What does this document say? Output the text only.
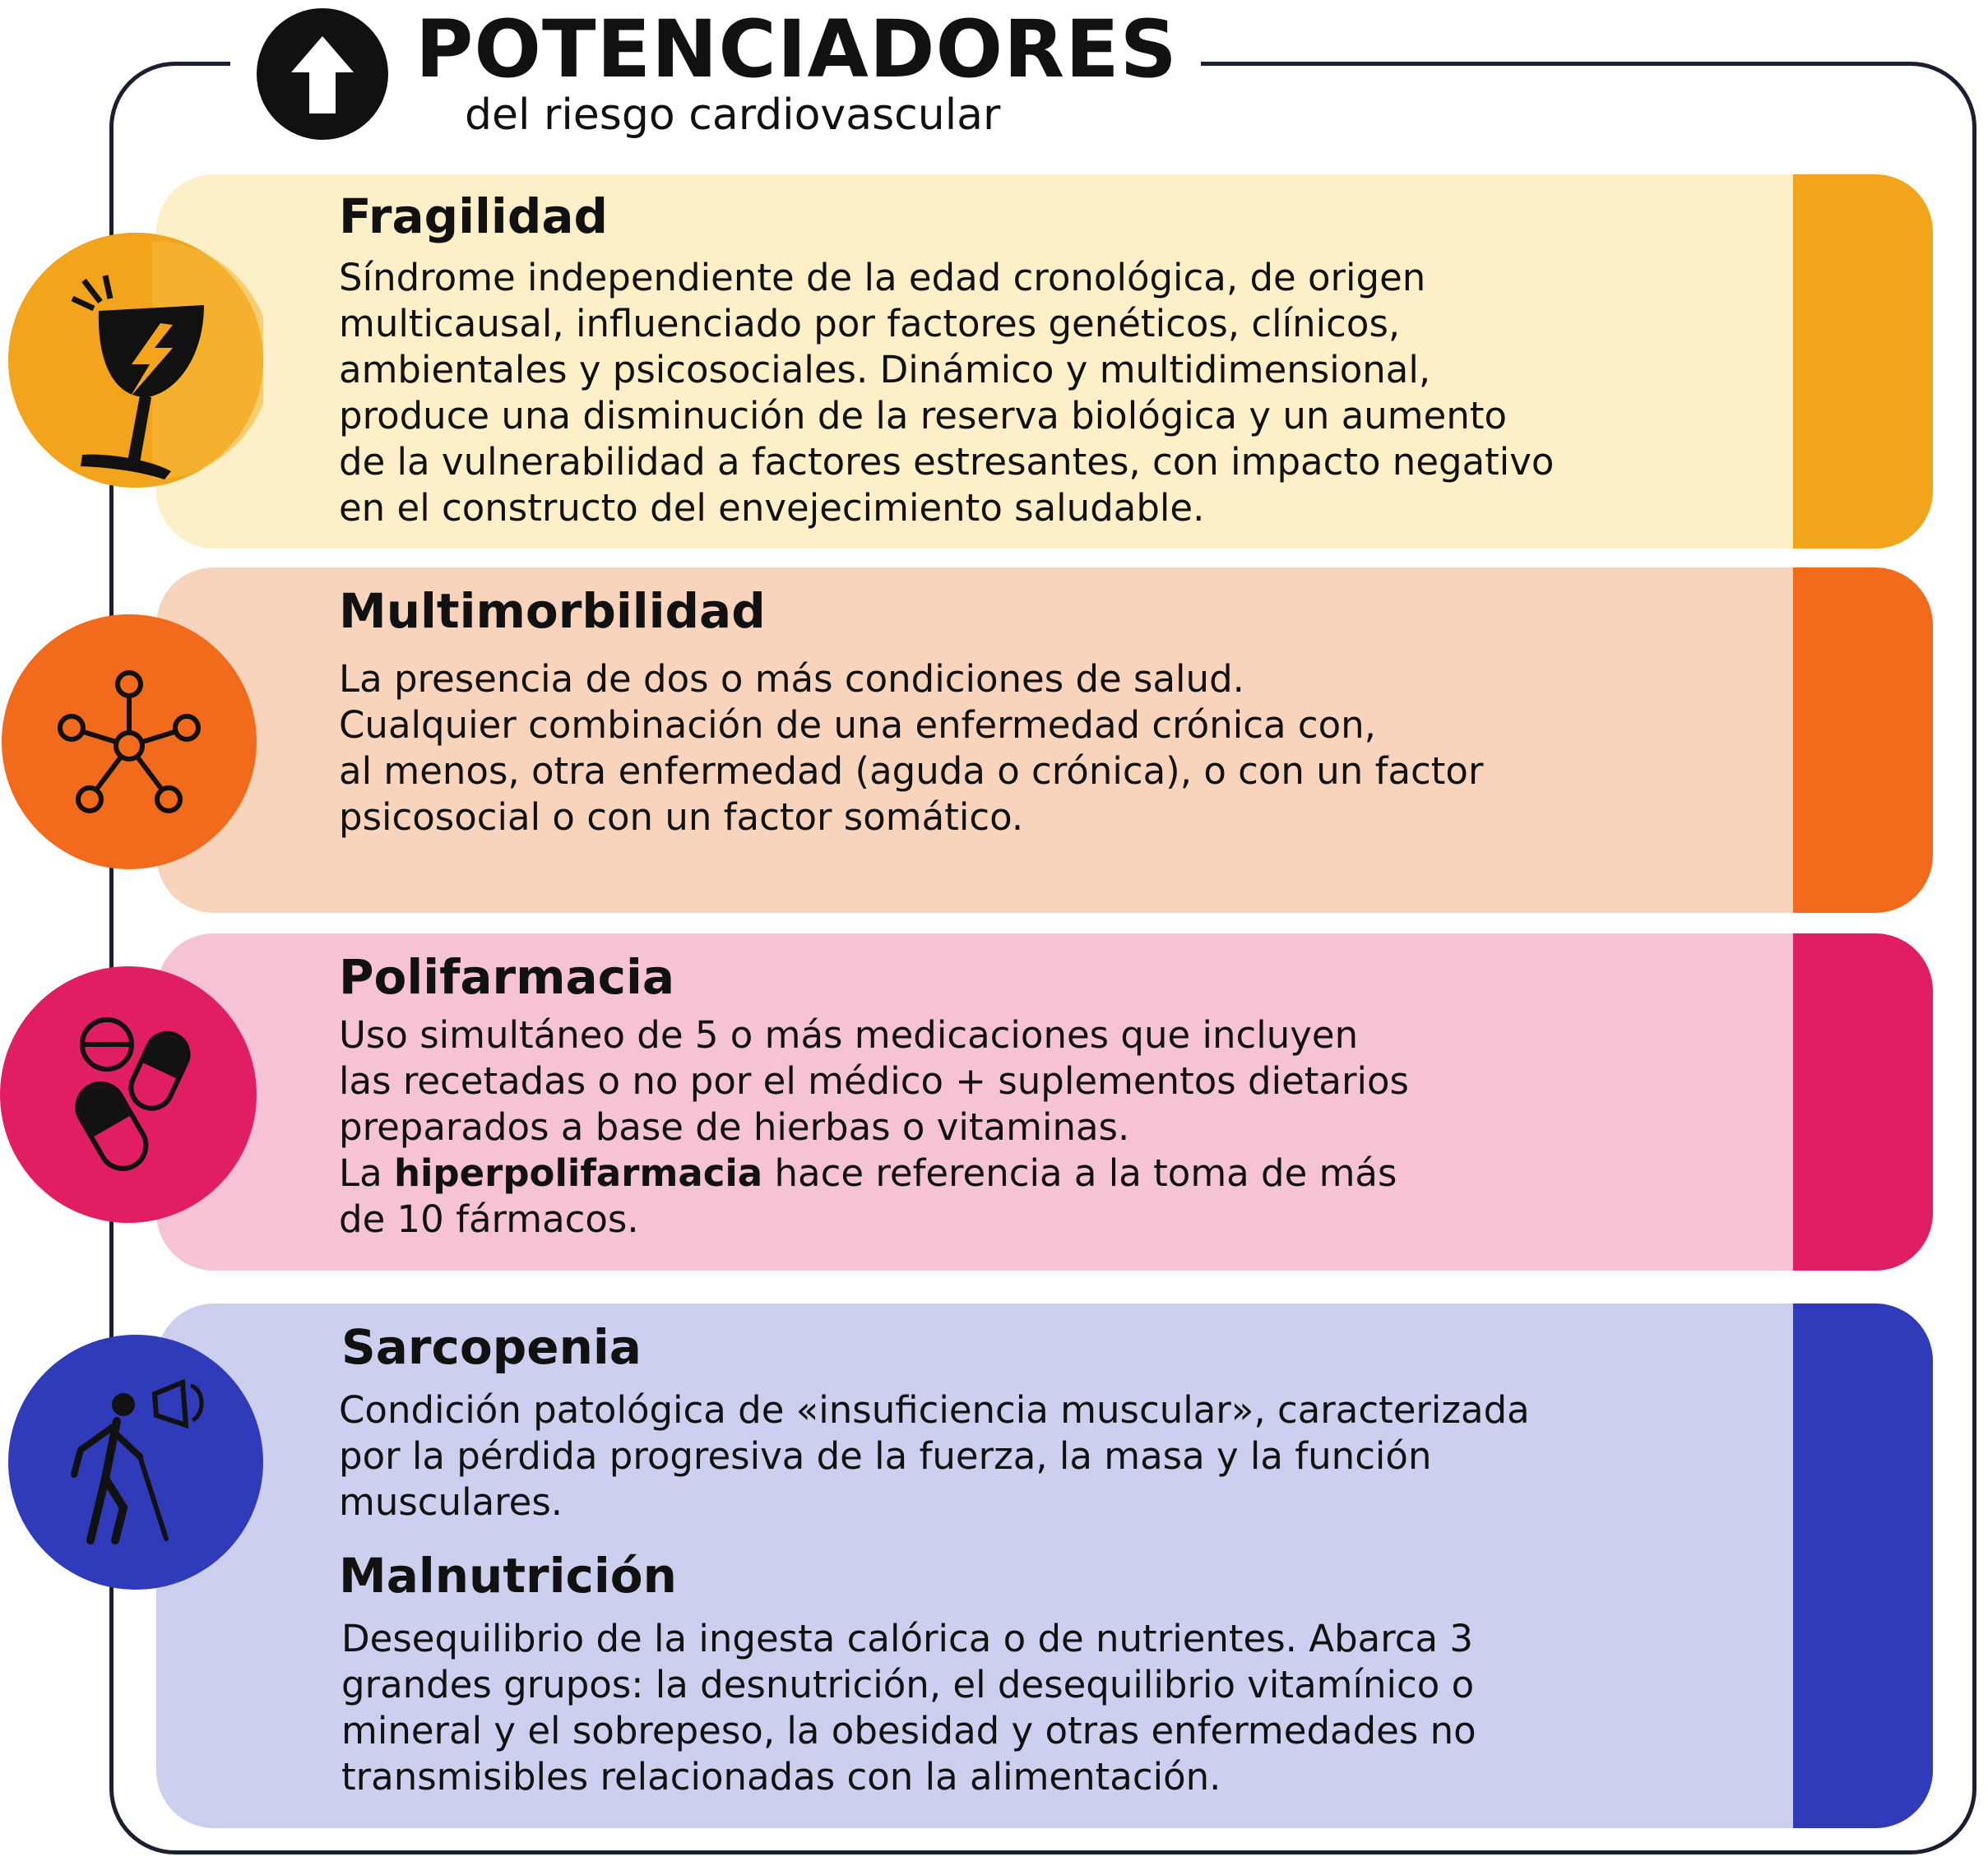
POTENCIADORES
del riesgo cardiovascular
Fragilidad

Síndrome independiente de la edad cronológica, de origen
multicausal, influenciado por factores genéticos, clínicos,
ambientales y psicosociales. Dinámico y multidimensional,
produce una disminución de la reserva biológica y un aumento
de la vulnerabilidad a factores estresantes, con impacto negativo
en el constructo del envejecimiento saludable.

Multimorbilidad

La presencia de dos o más condiciones de salud.
Cualquier combinación de una enfermedad crónica con,
al menos, otra enfermedad (aguda o crónica), o con un factor
psicosocial o con un factor somático.

Polifarmacia

Uso simultáneo de 5 o más medicaciones que incluyen
las recetadas o no por el médico + suplementos dietarios
preparados a base de hierbas o vitaminas.
La hiperpolifarmacia hace referencia a la toma de más
de 10 fármacos.

Sarcopenia

Condición patológica de «insuficiencia muscular», caracterizada
por la pérdida progresiva de la fuerza, la masa y la función
musculares.

Malnutrición

Desequilibrio de la ingesta calórica o de nutrientes. Abarca 3
grandes grupos: la desnutrición, el desequilibrio vitamínico o
mineral y el sobrepeso, la obesidad y otras enfermedades no
transmisibles relacionadas con la alimentación.
